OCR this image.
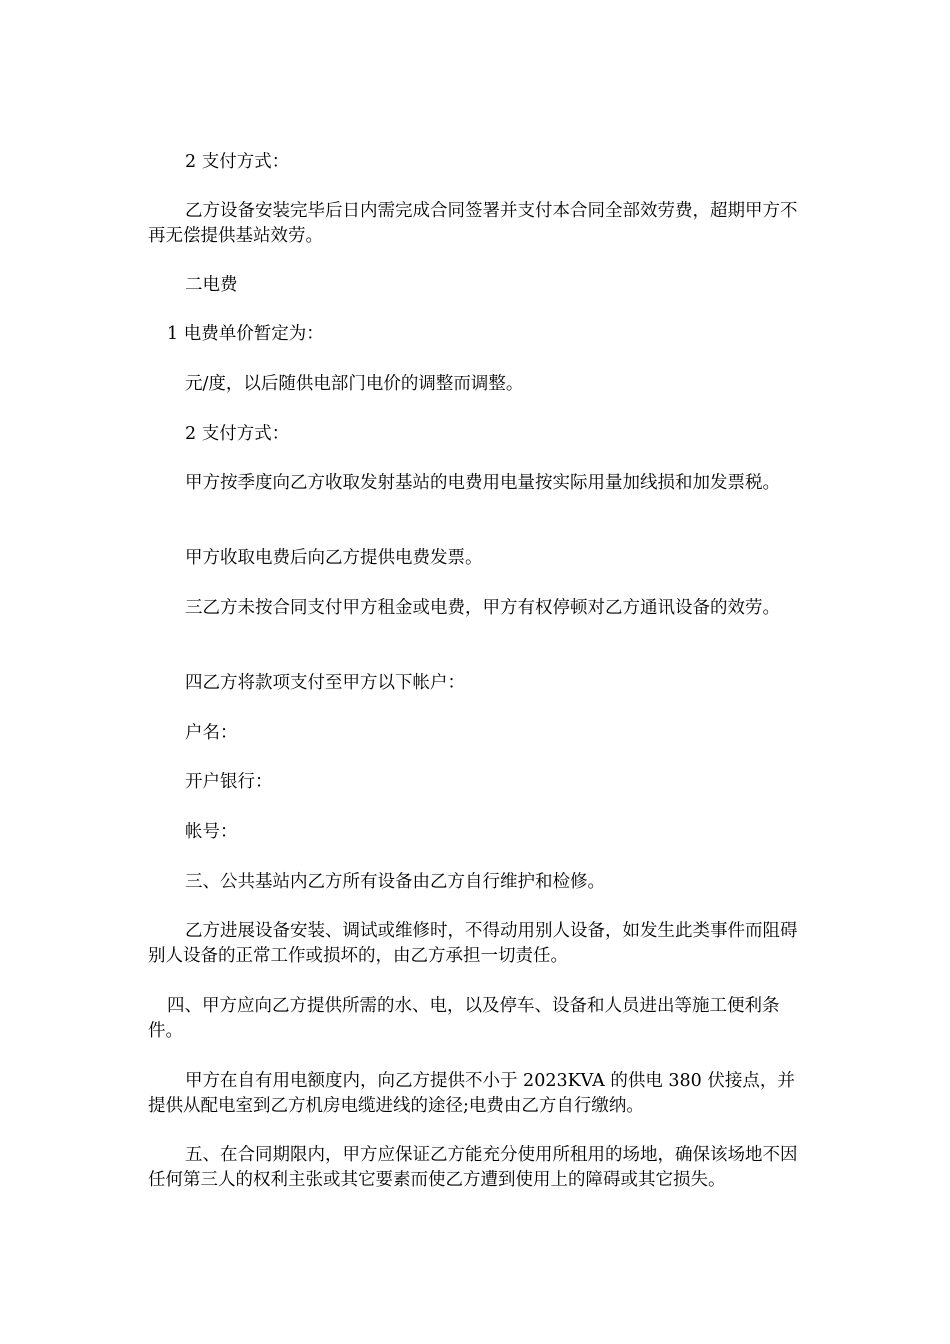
2 支付方式：

乙方设备安装完毕后日内需完成合同签署并支付本合同全部效劳费，超期甲方不再无偿提供基站效劳。

二电费

1 电费单价暂定为：

元/度，以后随供电部门电价的调整而调整。

2 支付方式：

甲方按季度向乙方收取发射基站的电费用电量按实际用量加线损和加发票税。

甲方收取电费后向乙方提供电费发票。

三乙方未按合同支付甲方租金或电费，甲方有权停顿对乙方通讯设备的效劳。

四乙方将款项支付至甲方以下帐户：

户名：

开户银行：

帐号：

三、公共基站内乙方所有设备由乙方自行维护和检修。

乙方进展设备安装、调试或维修时，不得动用别人设备，如发生此类事件而阻碍别人设备的正常工作或损坏的，由乙方承担一切责任。

四、甲方应向乙方提供所需的水、电，以及停车、设备和人员进出等施工便利条件。

甲方在自有用电额度内，向乙方提供不小于 2023KVA 的供电 380 伏接点，并提供从配电室到乙方机房电缆进线的途径;电费由乙方自行缴纳。

五、在合同期限内，甲方应保证乙方能充分使用所租用的场地，确保该场地不因任何第三人的权利主张或其它要素而使乙方遭到使用上的障碍或其它损失。
